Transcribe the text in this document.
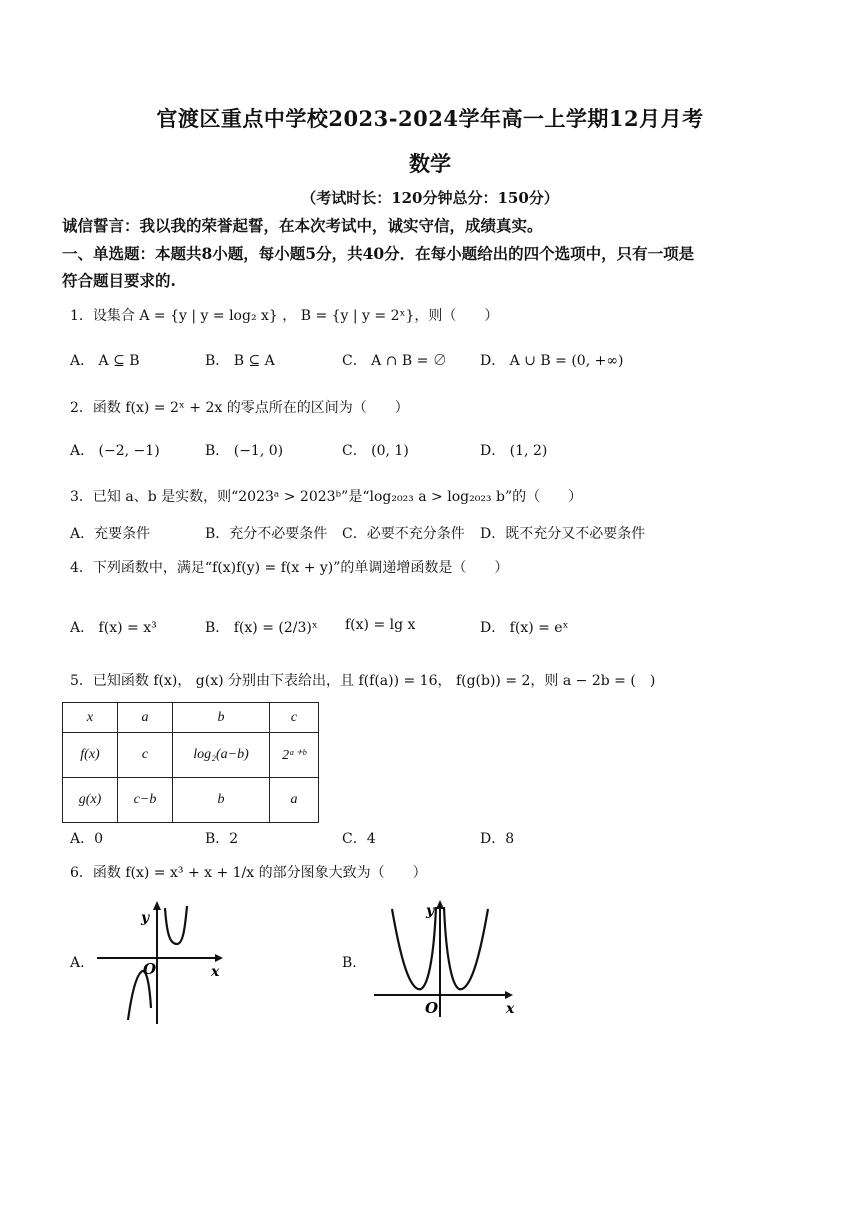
官渡区重点中学校2023-2024学年高一上学期12月月考
数学
（考试时长：120分钟总分：150分）
诚信誓言：我以我的荣誉起誓，在本次考试中，诚实守信，成绩真实。
一、单选题：本题共8小题，每小题5分，共40分．在每小题给出的四个选项中，只有一项是
符合题目要求的.
1．设集合 A = {y | y = log₂ x} ， B = {y | y = 2ˣ}，则（　　）
A． A ⊆ B	B． B ⊆ A	C． A ∩ B = ∅ D． A ∪ B = (0, +∞)
2．函数 f(x) = 2ˣ + 2x 的零点所在的区间为（　　）
A． (−2, −1)	B． (−1, 0)	C． (0, 1)	D． (1, 2)
3．已知 a、b 是实数，则“2023ᵃ > 2023ᵇ”是“log₂₀₂₃ a > log₂₀₂₃ b”的（　　）
A．充要条件	B．充分不必要条件 C．必要不充分条件 D．既不充分又不必要条件
4．下列函数中，满足“f(x)f(y) = f(x + y)”的单调递增函数是（　　）
A． f(x) = x³	B． f(x) = (2/3)ˣ f(x) = lg x	D． f(x) = eˣ
5．已知函数 f(x)， g(x) 分别由下表给出，且 f(f(a)) = 16， f(g(b)) = 2，则 a − 2b = (　)
x	a	b	c
f(x)	c	log₂(a−b)	2ᵃ⁺ᵇ
g(x)	c−b	b	a
A．0	B．2	C．4	D．8
6．函数 f(x) = x³ + x + 1/x 的部分图象大致为（　　）
A.
y
x
O	B.
y
x
O
